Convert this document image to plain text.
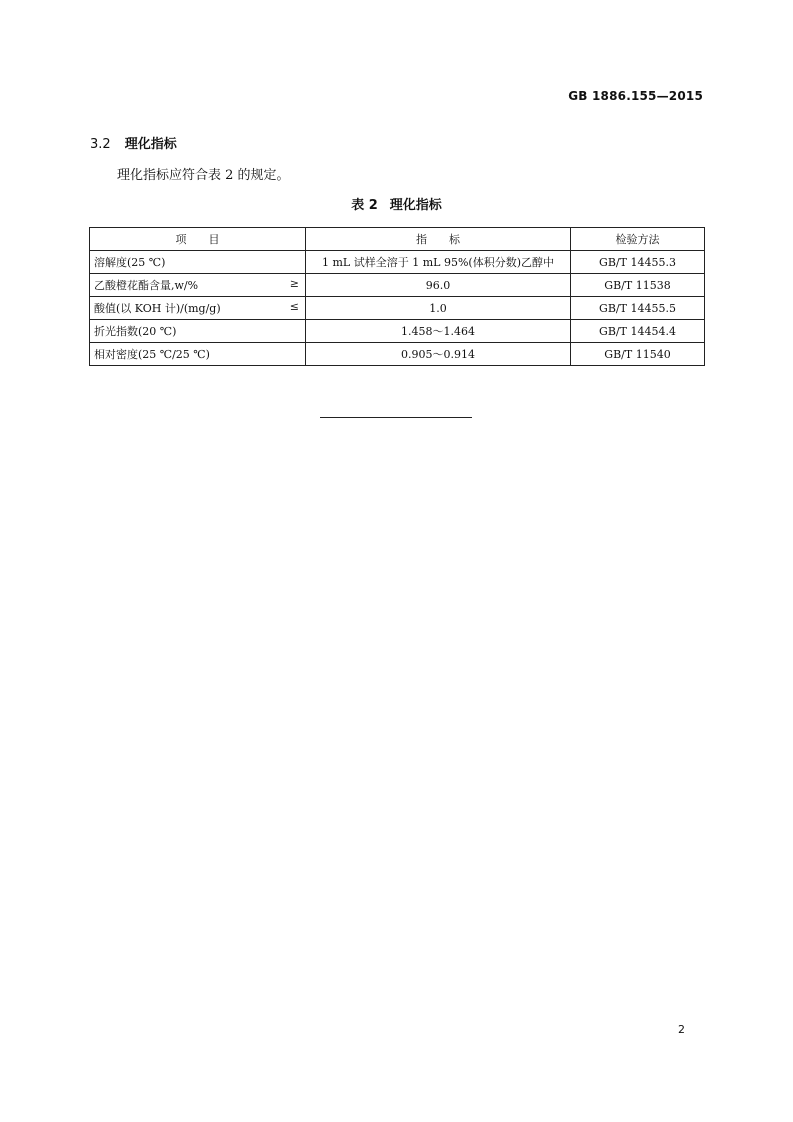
GB 1886.155—2015
3.2 理化指标
理化指标应符合表 2 的规定。
表 2 理化指标
项　　目	指　　标	检验方法
溶解度(25 ℃)	1 mL 试样全溶于 1 mL 95%(体积分数)乙醇中	GB/T 14455.3
乙酸橙花酯含量,w/% ≥	96.0	GB/T 11538
酸值(以 KOH 计)/(mg/g) ≤	1.0	GB/T 14455.5
折光指数(20 ℃)	1.458～1.464	GB/T 14454.4
相对密度(25 ℃/25 ℃)	0.905～0.914	GB/T 11540
2
